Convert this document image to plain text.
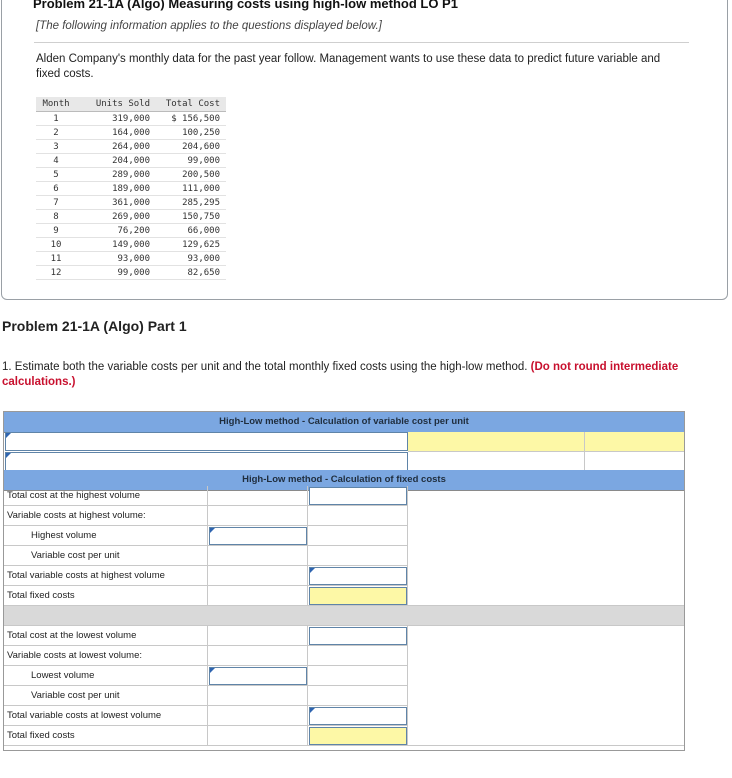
Problem 21-1A (Algo) Measuring costs using high-low method LO P1
[The following information applies to the questions displayed below.]
Alden Company's monthly data for the past year follow. Management wants to use these data to predict future variable and fixed costs.
Month	Units Sold	Total Cost
1	319,000	$ 156,500
2	164,000	100,250
3	264,000	204,600
4	204,000	99,000
5	289,000	200,500
6	189,000	111,000
7	361,000	285,295
8	269,000	150,750
9	76,200	66,000
10	149,000	129,625
11	93,000	93,000
12	99,000	82,650
Problem 21-1A (Algo) Part 1
1. Estimate both the variable costs per unit and the total monthly fixed costs using the high-low method. (Do not round intermediate calculations.)
High-Low method - Calculation of variable cost per unit
High-Low method - Calculation of fixed costs
Total cost at the highest volume
Variable costs at highest volume:
Highest volume
Variable cost per unit
Total variable costs at highest volume
Total fixed costs
Total cost at the lowest volume
Variable costs at lowest volume:
Lowest volume
Variable cost per unit
Total variable costs at lowest volume
Total fixed costs
